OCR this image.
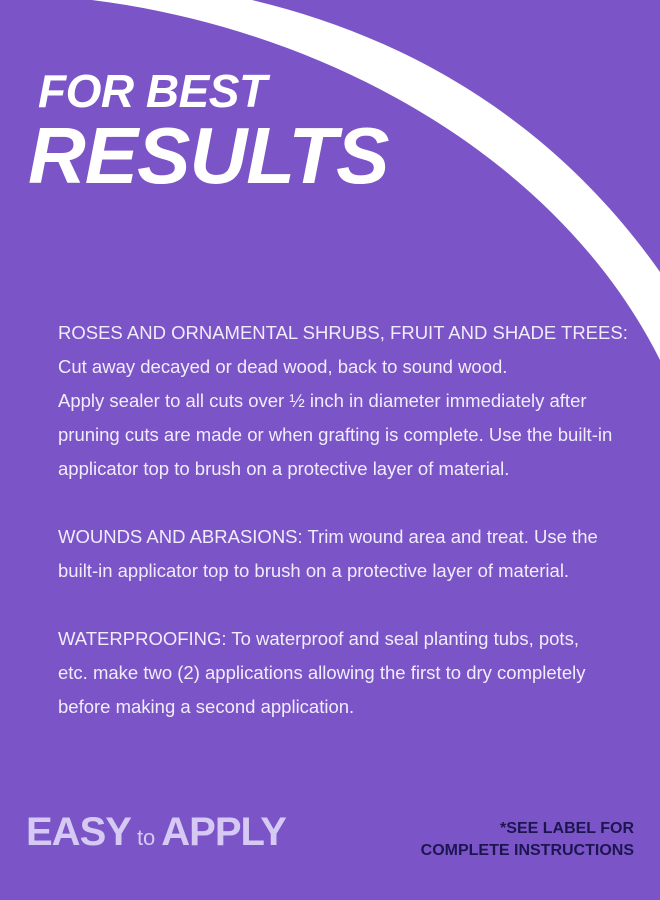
FOR BEST
RESULTS

ROSES AND ORNAMENTAL SHRUBS, FRUIT AND SHADE TREES:
Cut away decayed or dead wood, back to sound wood.
Apply sealer to all cuts over ½ inch in diameter immediately after
pruning cuts are made or when grafting is complete. Use the built-in
applicator top to brush on a protective layer of material.

WOUNDS AND ABRASIONS: Trim wound area and treat. Use the
built-in applicator top to brush on a protective layer of material.

WATERPROOFING: To waterproof and seal planting tubs, pots,
etc. make two (2) applications allowing the first to dry completely
before making a second application.

EASY to APPLY	*SEE LABEL FOR
COMPLETE INSTRUCTIONS
